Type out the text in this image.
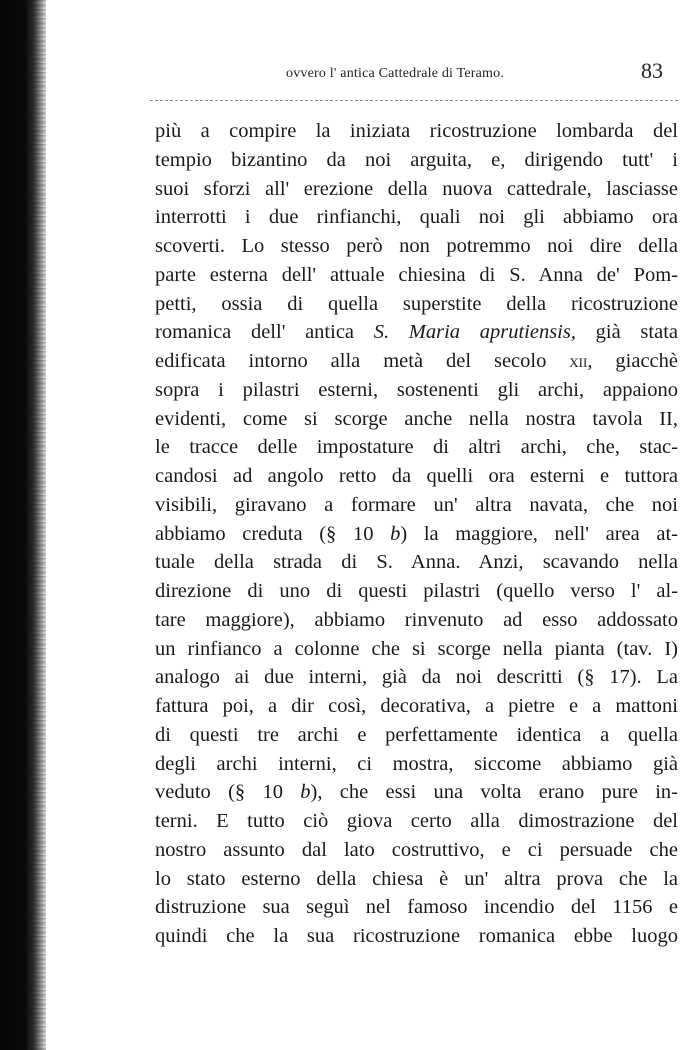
ovvero l' antica Cattedrale di Teramo.	83
più a compire la iniziata ricostruzione lombarda del
tempio bizantino da noi arguita, e, dirigendo tutt' i
suoi sforzi all' erezione della nuova cattedrale, lasciasse
interrotti i due rinfianchi, quali noi gli abbiamo ora
scoverti. Lo stesso però non potremmo noi dire della
parte esterna dell' attuale chiesina di S. Anna de' Pom-
petti, ossia di quella superstite della ricostruzione
romanica dell' antica S. Maria aprutiensis, già stata
edificata intorno alla metà del secolo xii, giacchè
sopra i pilastri esterni, sostenenti gli archi, appaiono
evidenti, come si scorge anche nella nostra tavola II,
le tracce delle impostature di altri archi, che, stac-
candosi ad angolo retto da quelli ora esterni e tuttora
visibili, giravano a formare un' altra navata, che noi
abbiamo creduta (§ 10 b) la maggiore, nell' area at-
tuale della strada di S. Anna. Anzi, scavando nella
direzione di uno di questi pilastri (quello verso l' al-
tare maggiore), abbiamo rinvenuto ad esso addossato
un rinfianco a colonne che si scorge nella pianta (tav. I)
analogo ai due interni, già da noi descritti (§ 17). La
fattura poi, a dir così, decorativa, a pietre e a mattoni
di questi tre archi e perfettamente identica a quella
degli archi interni, ci mostra, siccome abbiamo già
veduto (§ 10 b), che essi una volta erano pure in-
terni. E tutto ciò giova certo alla dimostrazione del
nostro assunto dal lato costruttivo, e ci persuade che
lo stato esterno della chiesa è un' altra prova che la
distruzione sua seguì nel famoso incendio del 1156 e
quindi che la sua ricostruzione romanica ebbe luogo
